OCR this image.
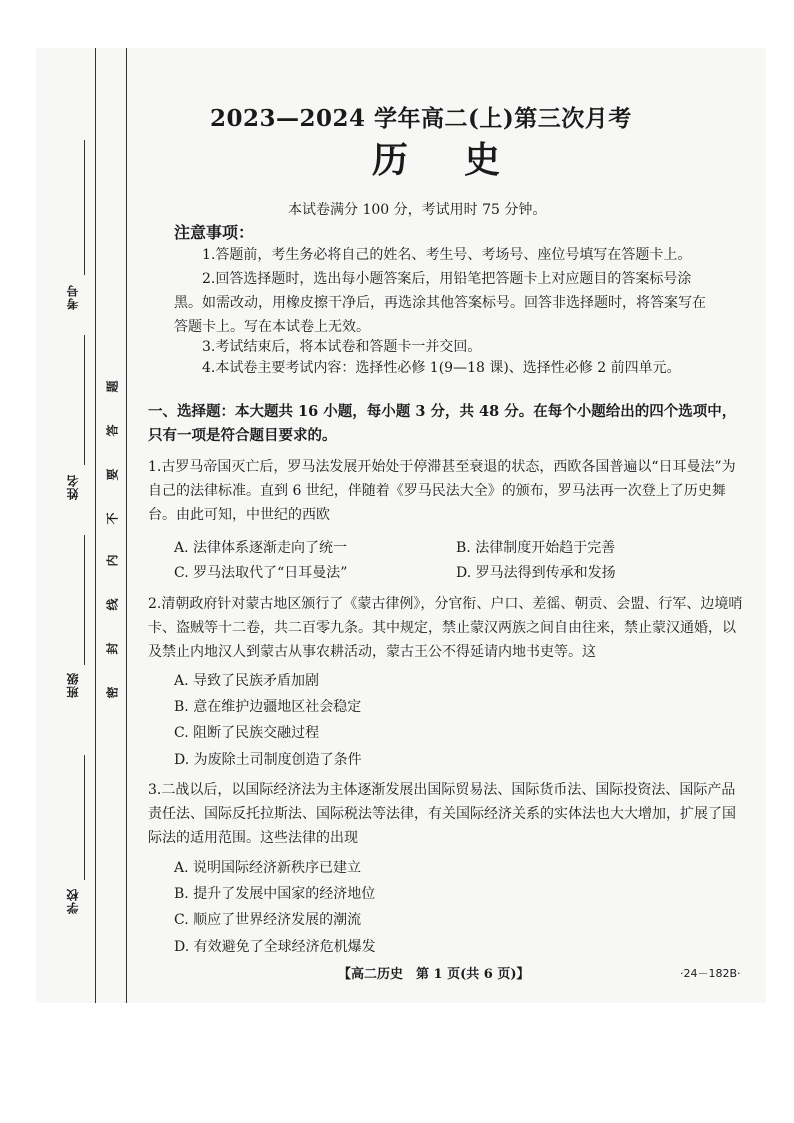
考号
姓名
班级
学校
密
封
线
内
不
要
答
题
2023—2024 学年高二(上)第三次月考
历史
本试卷满分 100 分，考试用时 75 分钟。
注意事项：
1.答题前，考生务必将自己的姓名、考生号、考场号、座位号填写在答题卡上。
2.回答选择题时，选出每小题答案后，用铅笔把答题卡上对应题目的答案标号涂黑。如需改动，用橡皮擦干净后，再选涂其他答案标号。回答非选择题时，将答案写在答题卡上。写在本试卷上无效。
3.考试结束后，将本试卷和答题卡一并交回。
4.本试卷主要考试内容：选择性必修 1(9—18 课)、选择性必修 2 前四单元。
一、选择题：本大题共 16 小题，每小题 3 分，共 48 分。在每个小题给出的四个选项中，只有一项是符合题目要求的。
1.古罗马帝国灭亡后，罗马法发展开始处于停滞甚至衰退的状态，西欧各国普遍以“日耳曼法”为自己的法律标准。直到 6 世纪，伴随着《罗马民法大全》的颁布，罗马法再一次登上了历史舞台。由此可知，中世纪的西欧
A. 法律体系逐渐走向了统一	B. 法律制度开始趋于完善
C. 罗马法取代了“日耳曼法”	D. 罗马法得到传承和发扬
2.清朝政府针对蒙古地区颁行了《蒙古律例》，分官衔、户口、差徭、朝贡、会盟、行军、边境哨卡、盗贼等十二卷，共二百零九条。其中规定，禁止蒙汉两族之间自由往来，禁止蒙汉通婚，以及禁止内地汉人到蒙古从事农耕活动，蒙古王公不得延请内地书吏等。这
A. 导致了民族矛盾加剧
B. 意在维护边疆地区社会稳定
C. 阻断了民族交融过程
D. 为废除土司制度创造了条件
3.二战以后，以国际经济法为主体逐渐发展出国际贸易法、国际货币法、国际投资法、国际产品责任法、国际反托拉斯法、国际税法等法律，有关国际经济关系的实体法也大大增加，扩展了国际法的适用范围。这些法律的出现
A. 说明国际经济新秩序已建立
B. 提升了发展中国家的经济地位
C. 顺应了世界经济发展的潮流
D. 有效避免了全球经济危机爆发
【高二历史　第 1 页(共 6 页)】	·24－182B·
